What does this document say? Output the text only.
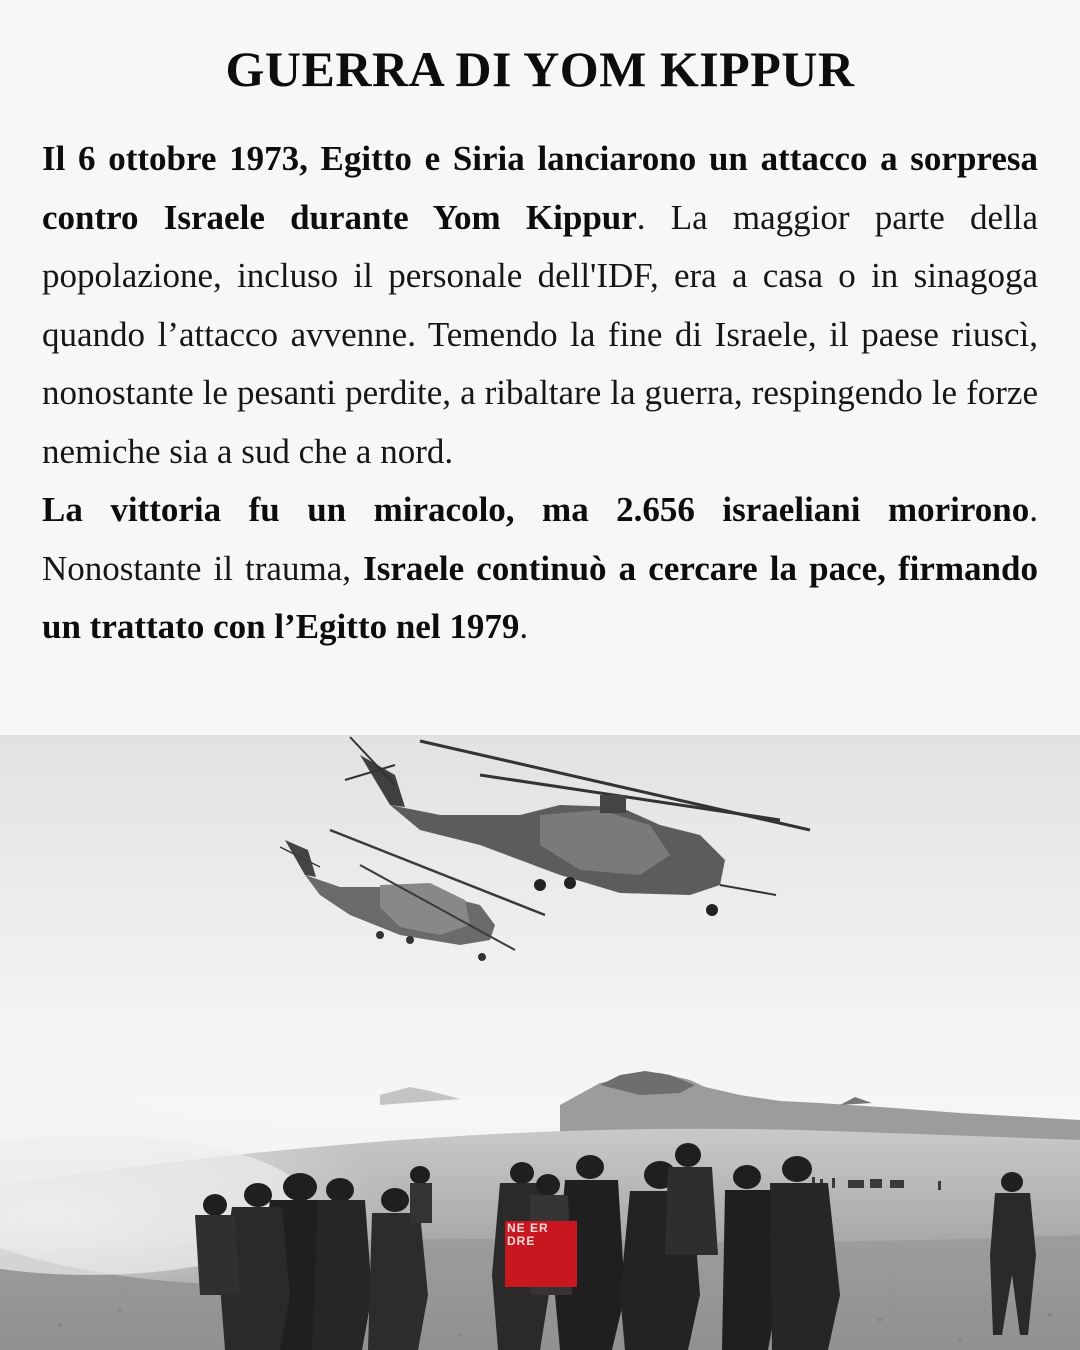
GUERRA DI YOM KIPPUR

Il 6 ottobre 1973, Egitto e Siria lanciarono un attacco a sorpresa contro Israele durante Yom Kippur. La maggior parte della popolazione, incluso il personale dell'IDF, era a casa o in sinagoga quando l’attacco avvenne. Temendo la fine di Israele, il paese riuscì, nonostante le pesanti perdite, a ribaltare la guerra, respingendo le forze nemiche sia a sud che a nord.

La vittoria fu un miracolo, ma 2.656 israeliani morirono. Nonostante il trauma, Israele continuò a cercare la pace, firmando un trattato con l’Egitto nel 1979.

NE ER DRE
